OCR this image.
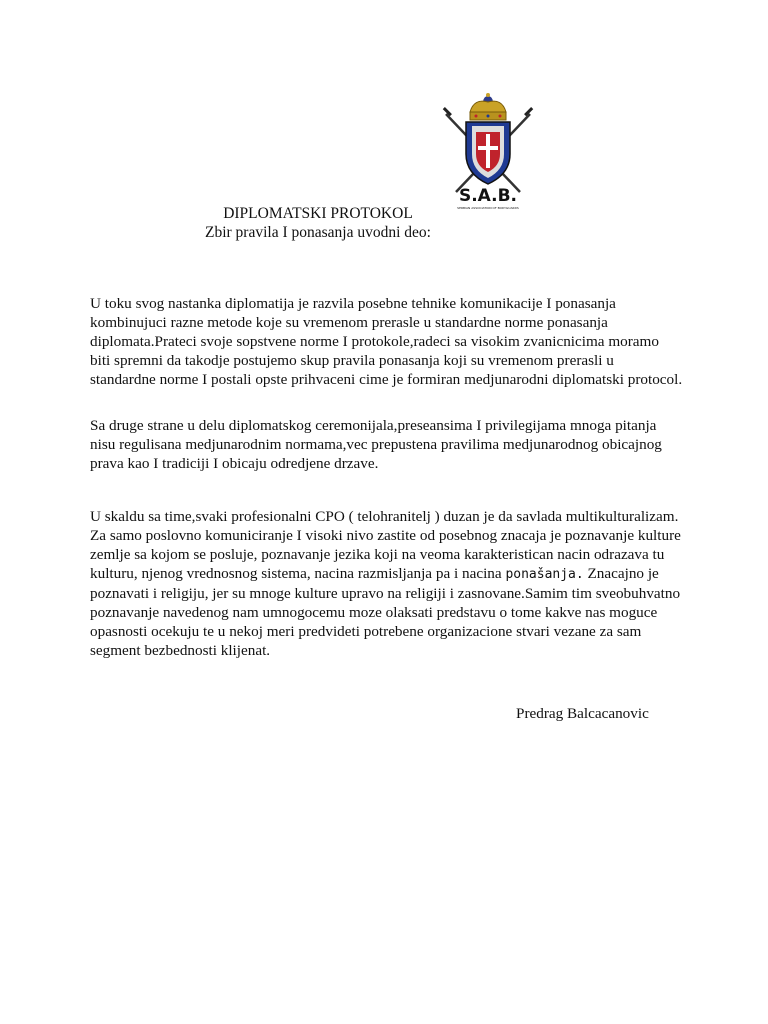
S.A.B.
SERBIAN ASSOCIATION OF BODYGUARDS
DIPLOMATSKI PROTOKOL
Zbir pravila I ponasanja uvodni deo:
U toku svog nastanka diplomatija je razvila posebne tehnike komunikacije I ponasanja
kombinujuci razne metode koje su vremenom prerasle u standardne norme ponasanja
diplomata.Prateci svoje sopstvene norme I protokole,radeci sa visokim zvanicnicima moramo
biti spremni da takodje postujemo skup pravila ponasanja koji su vremenom prerasli u
standardne norme I postali opste prihvaceni cime je formiran medjunarodni diplomatski protocol.
Sa druge strane u delu diplomatskog ceremonijala,preseansima I privilegijama mnoga pitanja
nisu regulisana medjunarodnim normama,vec prepustena pravilima medjunarodnog obicajnog
prava kao I tradiciji I obicaju odredjene drzave.
U skaldu sa time,svaki profesionalni CPO ( telohranitelj ) duzan je da savlada multikulturalizam.
Za samo poslovno komuniciranje I visoki nivo zastite od posebnog znacaja je poznavanje kulture
zemlje sa kojom se posluje, poznavanje jezika koji na veoma karakteristican nacin odrazava tu
kulturu, njenog vrednosnog sistema, nacina razmisljanja pa i nacina ponašanja. Znacajno je
poznavati i religiju, jer su mnoge kulture upravo na religiji i zasnovane.Samim tim sveobuhvatno
poznavanje navedenog nam umnogocemu moze olaksati predstavu o tome kakve nas moguce
opasnosti ocekuju te u nekoj meri predvideti potrebene organizacione stvari vezane za sam
segment bezbednosti klijenat.
Predrag Balcacanovic
